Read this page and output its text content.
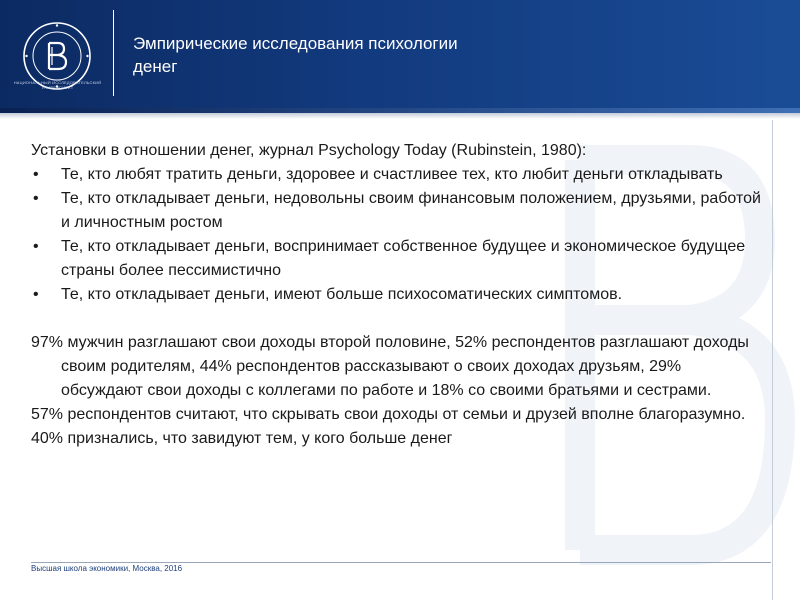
НАЦИОНАЛЬНЫЙ ИССЛЕДОВАТЕЛЬСКИЙ УНИВЕРСИТЕТ
Эмпирические исследования психологии
денег

Установки в отношении денег, журнал Psychology Today (Rubinstein, 1980):

• Те, кто любят тратить деньги, здоровее и счастливее тех, кто любит деньги откладывать
• Те, кто откладывает деньги, недовольны своим финансовым положением, друзьями, работой и личностным ростом
• Те, кто откладывает деньги, воспринимает собственное будущее и экономическое будущее страны более пессимистично
• Те, кто откладывает деньги, имеют больше психосоматических симптомов.

97% мужчин разглашают свои доходы второй половине, 52% респондентов разглашают доходы своим родителям, 44% респондентов рассказывают о своих доходах друзьям, 29% обсуждают свои доходы с коллегами по работе и 18% со своими братьями и сестрами.

57% респондентов считают, что скрывать свои доходы от семьи и друзей вполне благоразумно.

40% признались, что завидуют тем, у кого больше денег

Высшая школа экономики, Москва, 2016
